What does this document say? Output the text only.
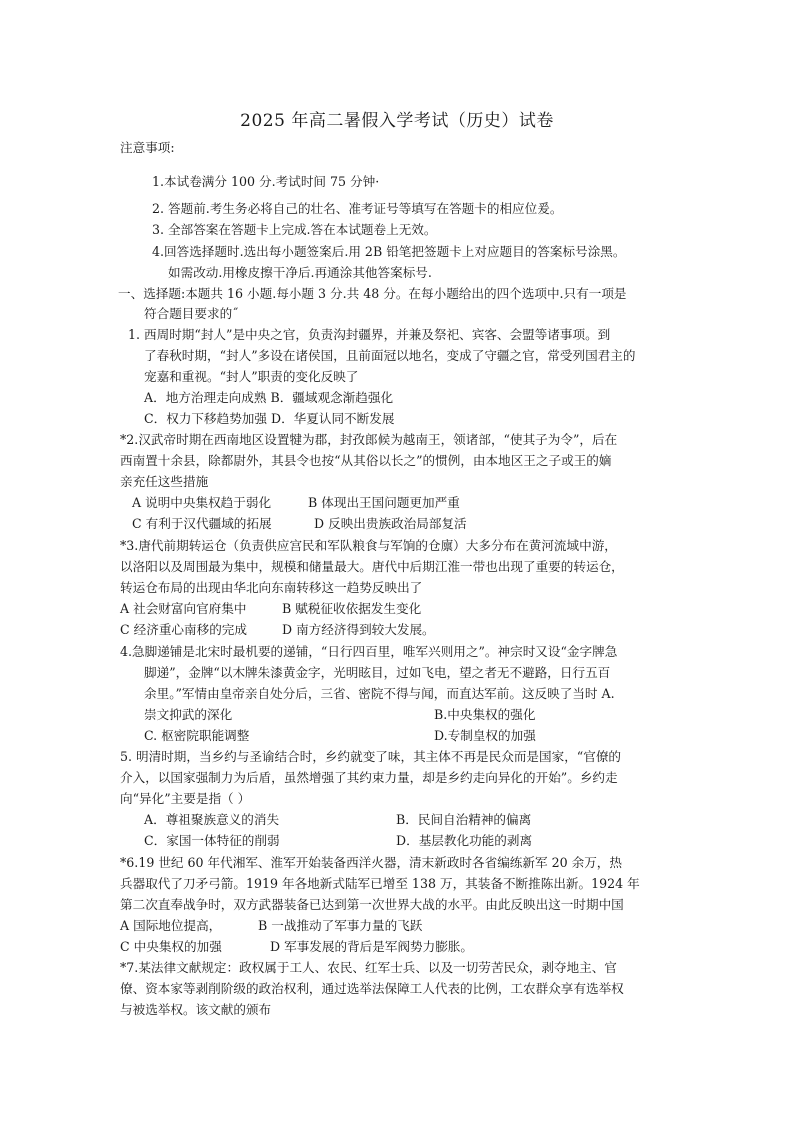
2025 年高二暑假入学考试（历史）试卷
注意事项:
1.本试卷满分 100 分.考试时间 75 分钟·
2. 答题前.考生务必将自己的壮名、准考证号等填写在答题卡的相应位爰。
3. 全部答案在答题卡上完成.答在本试题卷上无效。
4.回答选择题时.选出每小题签案后.用 2B 铅笔把签题卡上对应题目的答案标号涂黑。
如需改动.用橡皮擦干净后.再通涂其他答案标号.
一、选择题:本题共 16 小题.每小题 3 分.共 48 分。在每小题给出的四个选项中.只有一项是
符合题目要求的˝
1. 西周时期“封人”是中央之官，负责沟封疆界，并兼及祭祀、宾客、会盟等诸事项。到
了春秋时期，“封人”多设在诸侯国，且前面冠以地名，变成了守疆之官，常受列国君主的
宠嘉和重视。“封人”职责的变化反映了
A．地方治理走向成熟 B．疆域观念渐趋强化
C．权力下移趋势加强 D．华夏认同不断发展
*2.汉武帝时期在西南地区设置犍为郡，封孜郎候为越南王，领诸部，“使其子为令”，后在
西南置十余县，除都尉外，其县令也按“从其俗以长之”的惯例，由本地区王之子或王的嫡
亲充任这些措施
A 说明中央集权趋于弱化	B 体现出王国问题更加严重
C 有利于汉代疆域的拓展	D 反映出贵族政治局部复活
*3.唐代前期转运仓（负责供应宫民和军队粮食与军饷的仓廪）大多分布在黄河流域中游，
以洛阳以及周围最为集中，规模和储量最大。唐代中后期江淮一带也出现了重要的转运仓，
转运仓布局的出现由华北向东南转移这一趋势反映出了
A 社会财富向官府集中	B 赋税征收依据发生变化
C 经济重心南移的完成	D 南方经济得到较大发展。
4.急脚递铺是北宋时最机要的递铺，“日行四百里，唯军兴则用之”。神宗时又设“金字牌急
脚递”，金牌“以木牌朱漆黄金字，光明眩目，过如飞电，望之者无不避路，日行五百
余里。”军情由皇帝亲自处分后，三省、密院不得与闻，而直达军前。这反映了当时 A.
崇文抑武的深化	B.中央集权的强化
C. 枢密院职能调整	D.专制皇权的加强
5. 明清时期，当乡约与圣谕结合时，乡约就变了味，其主体不再是民众而是国家，“官僚的
介入，以国家强制力为后盾，虽然增强了其约束力量，却是乡约走向异化的开始”。乡约走
向“异化”主要是指（ ）
A．尊祖聚族意义的消失	B．民间自治精神的偏离
C．家国一体特征的削弱	D．基层教化功能的剥离
*6.19 世纪 60 年代湘军、淮军开始装备西洋火器，清末新政时各省编练新军 20 余万，热
兵器取代了刀矛弓箭。1919 年各地新式陆军已增至 138 万，其装备不断推陈出新。1924 年
第二次直奉战争时，双方武器装备已达到第一次世界大战的水平。由此反映出这一时期中国
A 国际地位提高，	B 一战推动了军事力量的飞跃
C 中央集权的加强	D 军事发展的背后是军阀势力膨胀。
*7.某法律文献规定：政权属于工人、农民、红军士兵、以及一切劳苦民众，剥夺地主、官
僚、资本家等剥削阶级的政治权利，通过选举法保障工人代表的比例，工农群众享有选举权
与被选举权。该文献的颁布
